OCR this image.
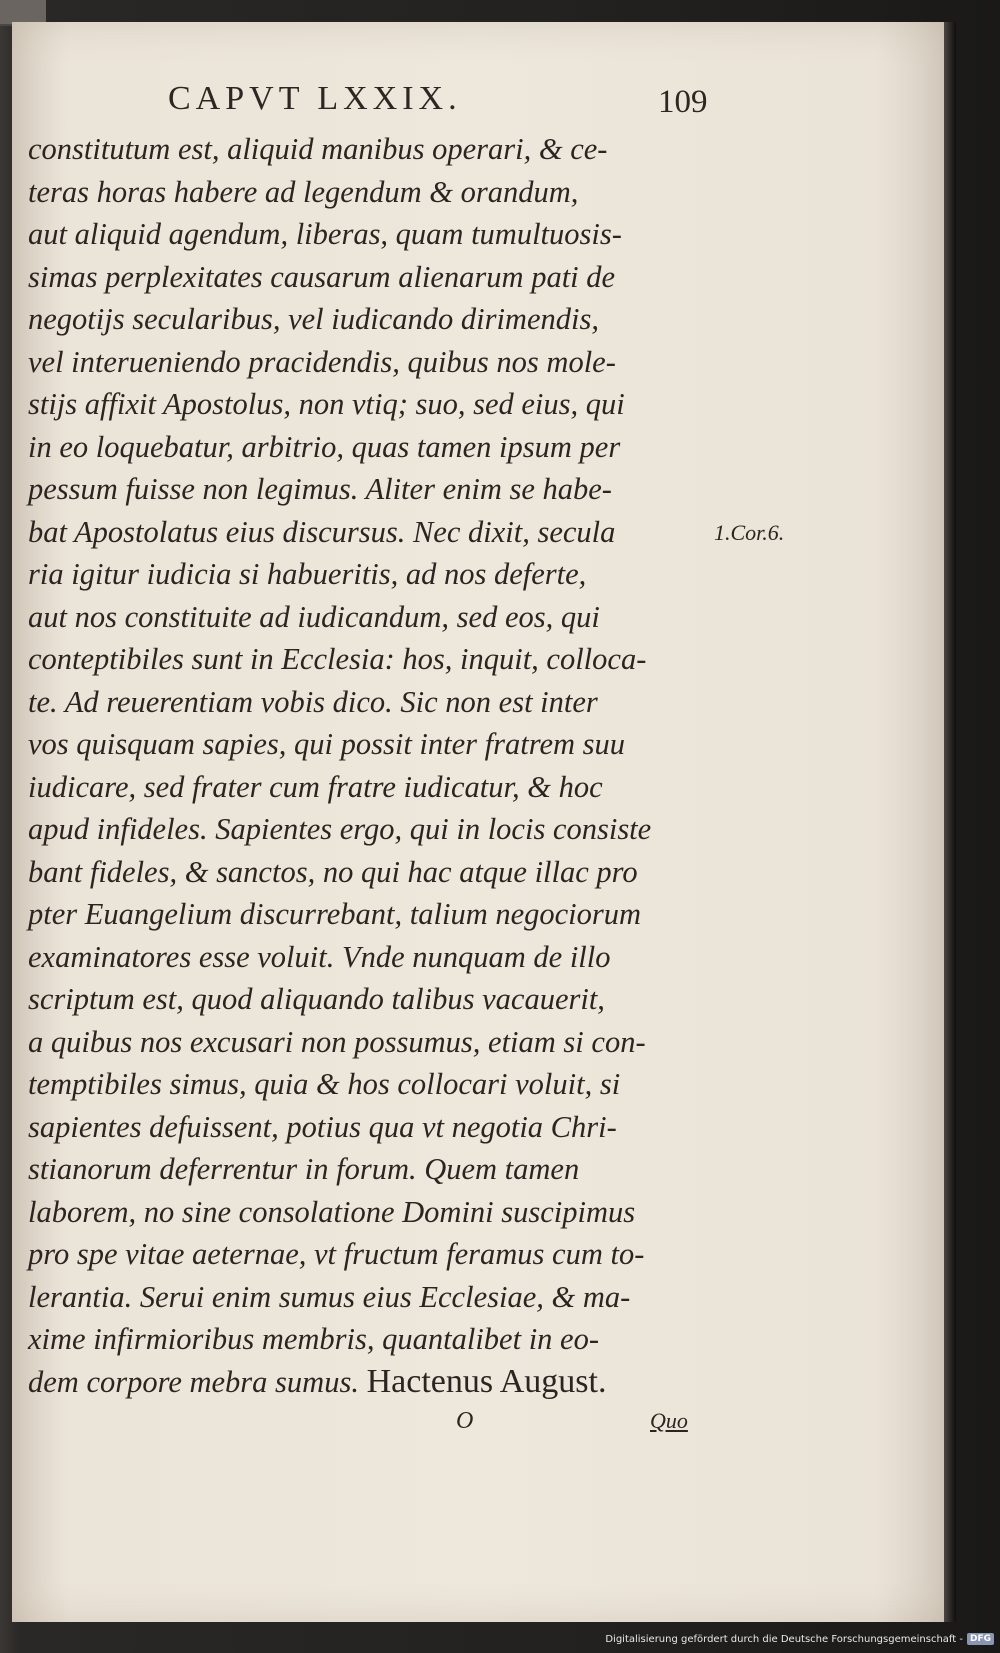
CAPVT LXXIX.	109
constitutum est, aliquid manibus operari, & ce-
teras horas habere ad legendum & orandum,
aut aliquid agendum, liberas, quam tumultuosis-
simas perplexitates causarum alienarum pati de
negotijs secularibus, vel iudicando dirimendis,
vel interueniendo pracidendis, quibus nos mole-
stijs affixit Apostolus, non vtiq; suo, sed eius, qui
in eo loquebatur, arbitrio, quas tamen ipsum per
pessum fuisse non legimus. Aliter enim se habe-
bat Apostolatus eius discursus. Nec dixit, secula
ria igitur iudicia si habueritis, ad nos deferte,
aut nos constituite ad iudicandum, sed eos, qui
conteptibiles sunt in Ecclesia: hos, inquit, colloca-
te. Ad reuerentiam vobis dico. Sic non est inter
vos quisquam sapies, qui possit inter fratrem suu
iudicare, sed frater cum fratre iudicatur, & hoc
apud infideles. Sapientes ergo, qui in locis consiste
bant fideles, & sanctos, no qui hac atque illac pro
pter Euangelium discurrebant, talium negociorum
examinatores esse voluit. Vnde nunquam de illo
scriptum est, quod aliquando talibus vacauerit,
a quibus nos excusari non possumus, etiam si con-
temptibiles simus, quia & hos collocari voluit, si
sapientes defuissent, potius qua vt negotia Chri-
stianorum deferrentur in forum. Quem tamen
laborem, no sine consolatione Domini suscipimus
pro spe vitae aeternae, vt fructum feramus cum to-
lerantia. Serui enim sumus eius Ecclesiae, & ma-
xime infirmioribus membris, quantalibet in eo-
dem corpore mebra sumus. Hactenus August.
1.Cor.6.
O	Quo
Digitalisierung gefördert durch die Deutsche Forschungsgemeinschaft - DFG
